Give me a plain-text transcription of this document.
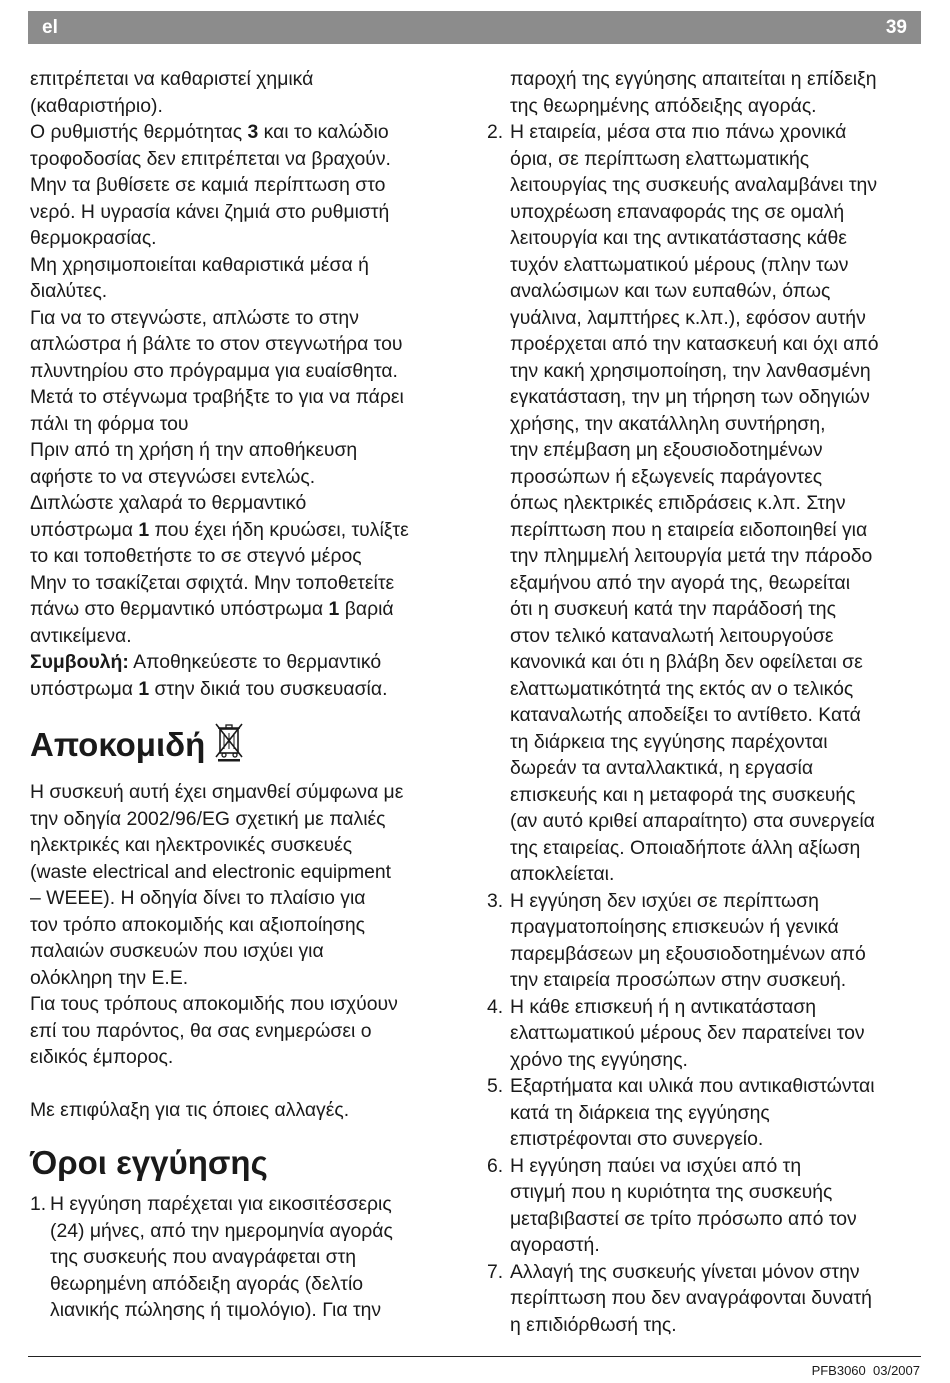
el	39
επιτρέπεται να καθαριστεί χημικά
(καθαριστήριο).
Ο ρυθμιστής θερμότητας 3 και το καλώδιο
τροφοδοσίας δεν επιτρέπεται να βραχούν.
Μην τα βυθίσετε σε καμιά περίπτωση στο
νερό. Η υγρασία κάνει ζημιά στο ρυθμιστή
θερμοκρασίας.
Μη χρησιμοποιείται καθαριστικά μέσα ή
διαλύτες.
Για να το στεγνώστε, απλώστε το στην
απλώστρα ή βάλτε το στον στεγνωτήρα του
πλυντηρίου στο πρόγραμμα για ευαίσθητα.
Μετά το στέγνωμα τραβήξτε το για να πάρει
πάλι τη φόρμα του
Πριν από τη χρήση ή την αποθήκευση
αφήστε το να στεγνώσει εντελώς.
Διπλώστε χαλαρά το θερμαντικό
υπόστρωμα 1 που έχει ήδη κρυώσει, τυλίξτε
το και τοποθετήστε το σε στεγνό μέρος
Μην το τσακίζεται σφιχτά. Μην τοποθετείτε
πάνω στο θερμαντικό υπόστρωμα 1 βαριά
αντικείμενα.
Συμβουλή: Αποθηκεύεστε το θερμαντικό
υπόστρωμα 1 στην δικιά του συσκευασία.
Αποκομιδή
Η συσκευή αυτή έχει σημανθεί σύμφωνα με
την οδηγία 2002/96/EG σχετική με παλιές
ηλεκτρικές και ηλεκτρονικές συσκευές
(waste electrical and electronic equipment
– WEEE). Η οδηγία δίνει το πλαίσιο για
τον τρόπο αποκομιδής και αξιοποίησης
παλαιών συσκευών που ισχύει για
ολόκληρη την Ε.Ε.
Για τους τρόπους αποκομιδής που ισχύουν
επί του παρόντος, θα σας ενημερώσει ο
ειδικός έμπορος.
Με επιφύλαξη για τις όποιες αλλαγές.
Όροι εγγύησης
1. Η εγγύηση παρέχεται για εικοσιτέσσερις
(24) μήνες, από την ημερομηνία αγοράς
της συσκευής που αναγράφεται στη
θεωρημένη απόδειξη αγοράς (δελτίο
λιανικής πώλησης ή τιμολόγιο). Για την
παροχή της εγγύησης απαιτείται η επίδειξη
της θεωρημένης απόδειξης αγοράς.
2. Η εταιρεία, μέσα στα πιο πάνω χρονικά
όρια, σε περίπτωση ελαττωματικής
λειτουργίας της συσκευής αναλαμβάνει την
υποχρέωση επαναφοράς της σε ομαλή
λειτουργία και της αντικατάστασης κάθε
τυχόν ελαττωματικού μέρους (πλην των
αναλώσιμων και των ευπαθών, όπως
γυάλινα, λαμπτήρες κ.λπ.), εφόσον αυτήν
προέρχεται από την κατασκευή και όχι από
την κακή χρησιμοποίηση, την λανθασμένη
εγκατάσταση, την μη τήρηση των οδηγιών
χρήσης, την ακατάλληλη συντήρηση,
την επέμβαση μη εξουσιοδοτημένων
προσώπων ή εξωγενείς παράγοντες
όπως ηλεκτρικές επιδράσεις κ.λπ. Στην
περίπτωση που η εταιρεία ειδοποιηθεί για
την πλημμελή λειτουργία μετά την πάροδο
εξαμήνου από την αγορά της, θεωρείται
ότι η συσκευή κατά την παράδοσή της
στον τελικό καταναλωτή λειτουργούσε
κανονικά και ότι η βλάβη δεν οφείλεται σε
ελαττωματικότητά της εκτός αν ο τελικός
καταναλωτής αποδείξει το αντίθετο. Κατά
τη διάρκεια της εγγύησης παρέχονται
δωρεάν τα ανταλλακτικά, η εργασία
επισκευής και η μεταφορά της συσκευής
(αν αυτό κριθεί απαραίτητο) στα συνεργεία
της εταιρείας. Οποιαδήποτε άλλη αξίωση
αποκλείεται.
3. Η εγγύηση δεν ισχύει σε περίπτωση
πραγματοποίησης επισκευών ή γενικά
παρεμβάσεων μη εξουσιοδοτημένων από
την εταιρεία προσώπων στην συσκευή.
4. Η κάθε επισκευή ή η αντικατάσταση
ελαττωματικού μέρους δεν παρατείνει τον
χρόνο της εγγύησης.
5. Εξαρτήματα και υλικά που αντικαθιστώνται
κατά τη διάρκεια της εγγύησης
επιστρέφονται στο συνεργείο.
6. Η εγγύηση παύει να ισχύει από τη
στιγμή που η κυριότητα της συσκευής
μεταβιβαστεί σε τρίτο πρόσωπο από τον
αγοραστή.
7. Αλλαγή της συσκευής γίνεται μόνον στην
περίπτωση που δεν αναγράφονται δυνατή
η επιδιόρθωσή της.
PFB3060 03/2007
